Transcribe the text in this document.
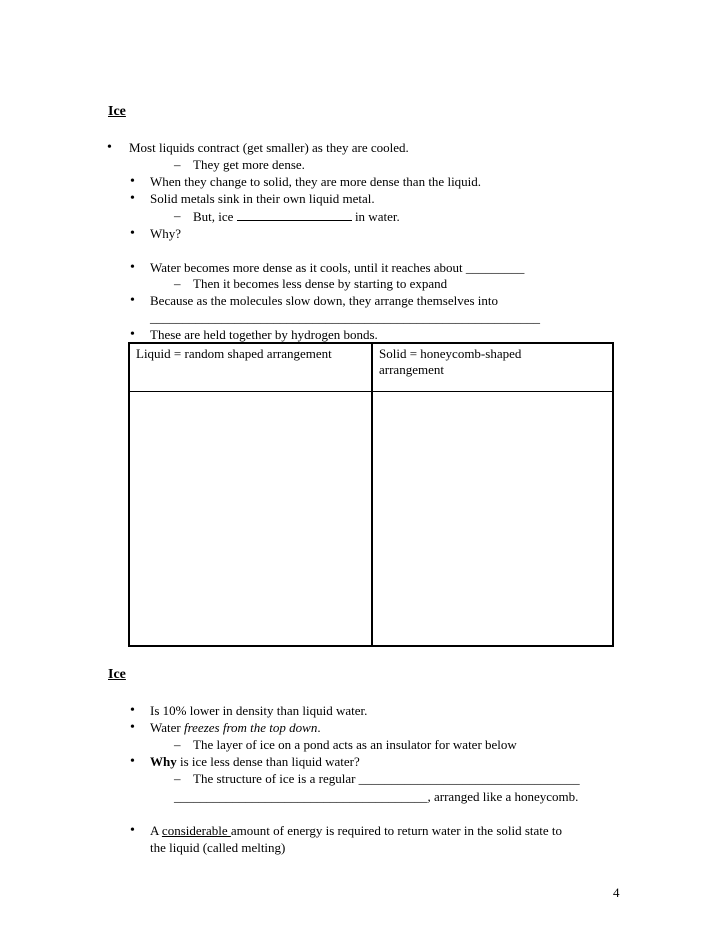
Ice
• Most liquids contract (get smaller) as they are cooled.
– They get more dense.
• When they change to solid, they are more dense than the liquid.
• Solid metals sink in their own liquid metal.
– But, ice	in water.
• Why?
• Water becomes more dense as it cools, until it reaches about _________
– Then it becomes less dense by starting to expand
• Because as the molecules slow down, they arrange themselves into
____________________________________________________________
• These are held together by hydrogen bonds.
Liquid = random shaped arrangement	Solid = honeycomb-shaped
arrangement
Ice
• Is 10% lower in density than liquid water.
• Water freezes from the top down.
– The layer of ice on a pond acts as an insulator for water below
• Why is ice less dense than liquid water?
– The structure of ice is a regular __________________________________
_______________________________________, arranged like a honeycomb.
• A considerable amount of energy is required to return water in the solid state to
the liquid (called melting)
4
